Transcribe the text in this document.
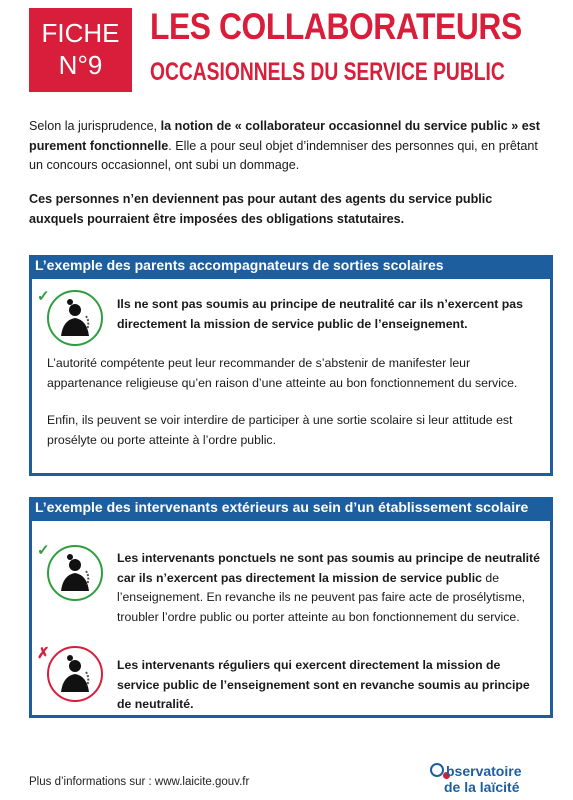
FICHE
N°9
LES COLLABORATEURS
OCCASIONNELS DU SERVICE PUBLIC
Selon la jurisprudence, la notion de « collaborateur occasionnel du service public » est purement fonctionnelle. Elle a pour seul objet d’indemniser des personnes qui, en prêtant un concours occasionnel, ont subi un dommage.
Ces personnes n’en deviennent pas pour autant des agents du service public auxquels pourraient être imposées des obligations statutaires.
L’exemple des parents accompagnateurs de sorties scolaires
✓	Ils ne sont pas soumis au principe de neutralité car ils n’exercent pas directement la mission de service public de l’enseignement.
L’autorité compétente peut leur recommander de s’abstenir de manifester leur appartenance religieuse qu’en raison d’une atteinte au bon fonctionnement du service.
Enfin, ils peuvent se voir interdire de participer à une sortie scolaire si leur attitude est prosélyte ou porte atteinte à l’ordre public.
L’exemple des intervenants extérieurs au sein d’un établissement scolaire
✓	Les intervenants ponctuels ne sont pas soumis au principe de neutralité car ils n’exercent pas directement la mission de service public de l’enseignement. En revanche ils ne peuvent pas faire acte de prosélytisme, troubler l’ordre public ou porter atteinte au bon fonctionnement du service.
✗
Les intervenants réguliers qui exercent directement la mission de service public de l’enseignement sont en revanche soumis au principe de neutralité.
Plus d’informations sur : www.laicite.gouv.fr
bservatoire
de la laïcité
